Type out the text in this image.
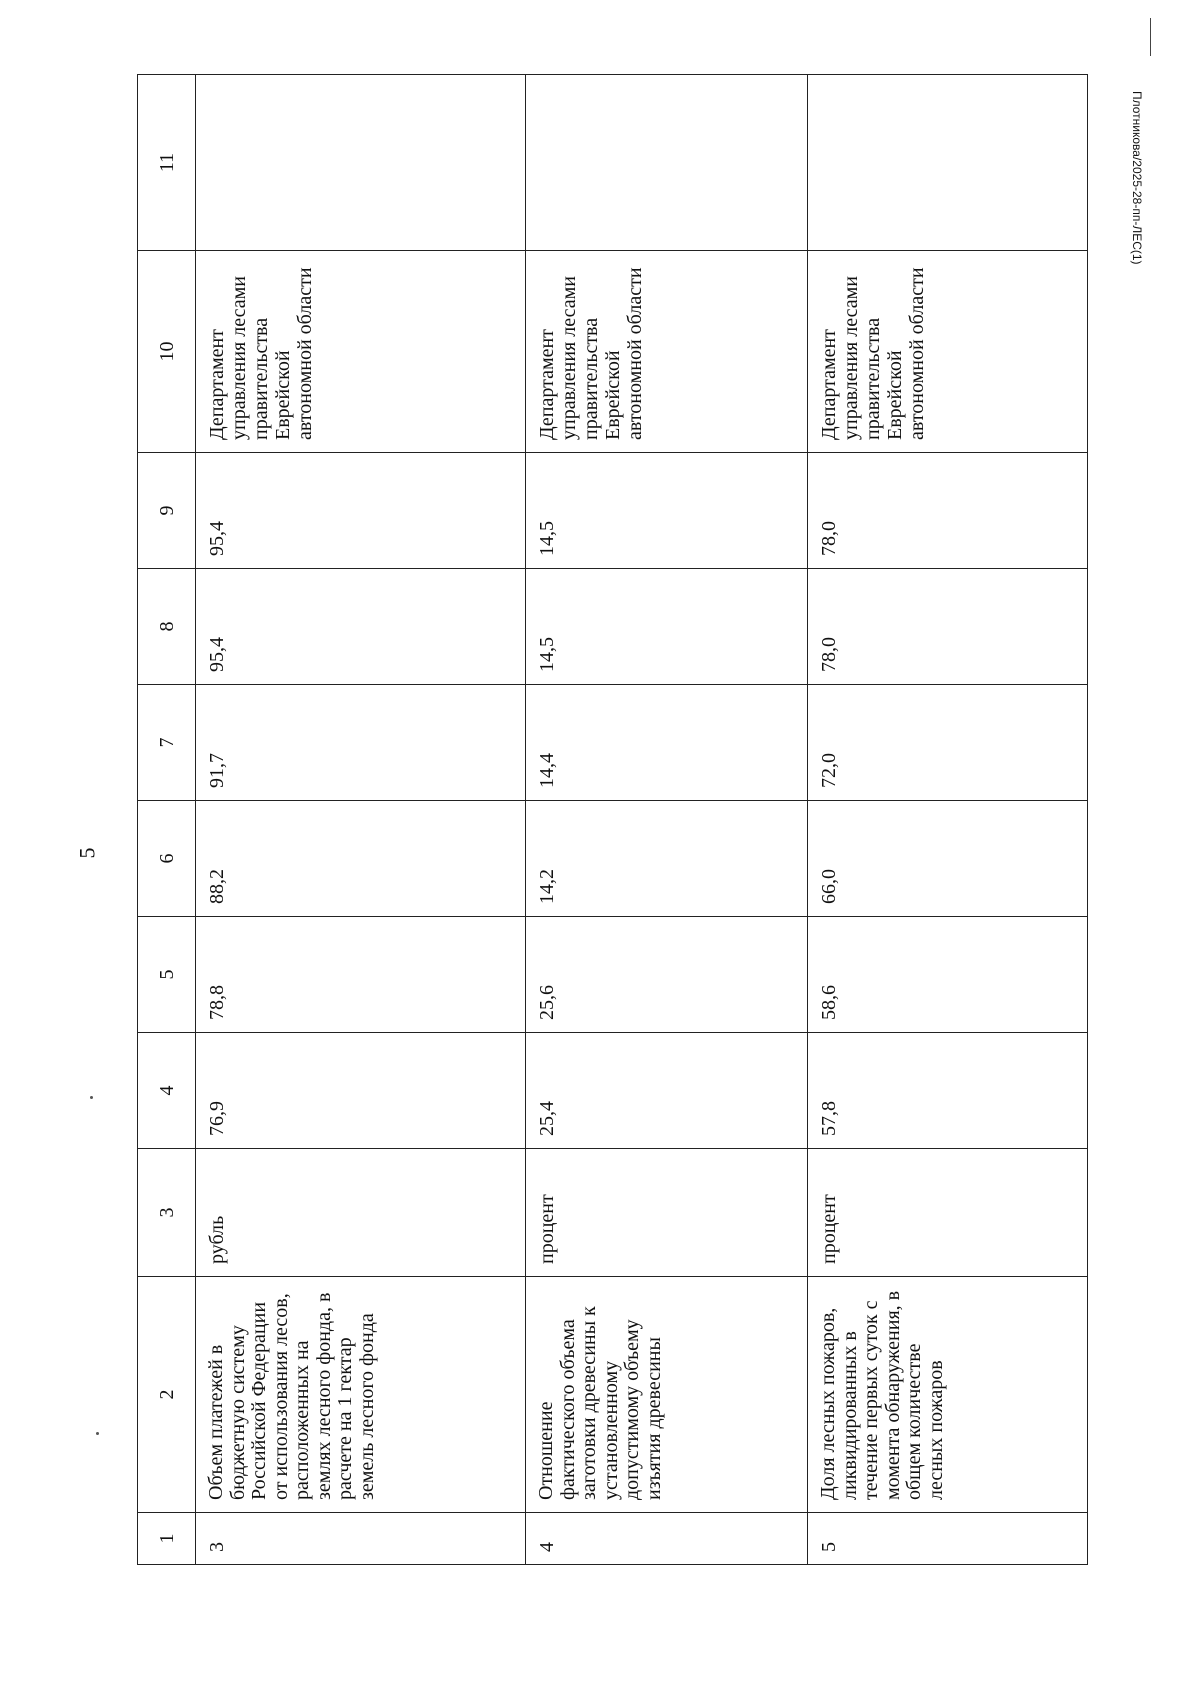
5
Плотникова/2025-28-пп-ЛЕС(1)
1	2	3	4	5	6	7	8	9	10	11
3	Объем платежей в бюджетную систему Российской Федерации от использования лесов, расположенных на землях лесного фонда, в расчете на 1 гектар земель лесного фонда	рубль	76,9	78,8	88,2	91,7	95,4	95,4	Департамент управления лесами правительства Еврейской автономной области	
4	Отношение фактического объема заготовки древесины к установленному допустимому объему изъятия древесины	процент	25,4	25,6	14,2	14,4	14,5	14,5	Департамент управления лесами правительства Еврейской автономной области	
5	Доля лесных пожаров, ликвидированных в течение первых суток с момента обнаружения, в общем количестве лесных пожаров	процент	57,8	58,6	66,0	72,0	78,0	78,0	Департамент управления лесами правительства Еврейской автономной области	
